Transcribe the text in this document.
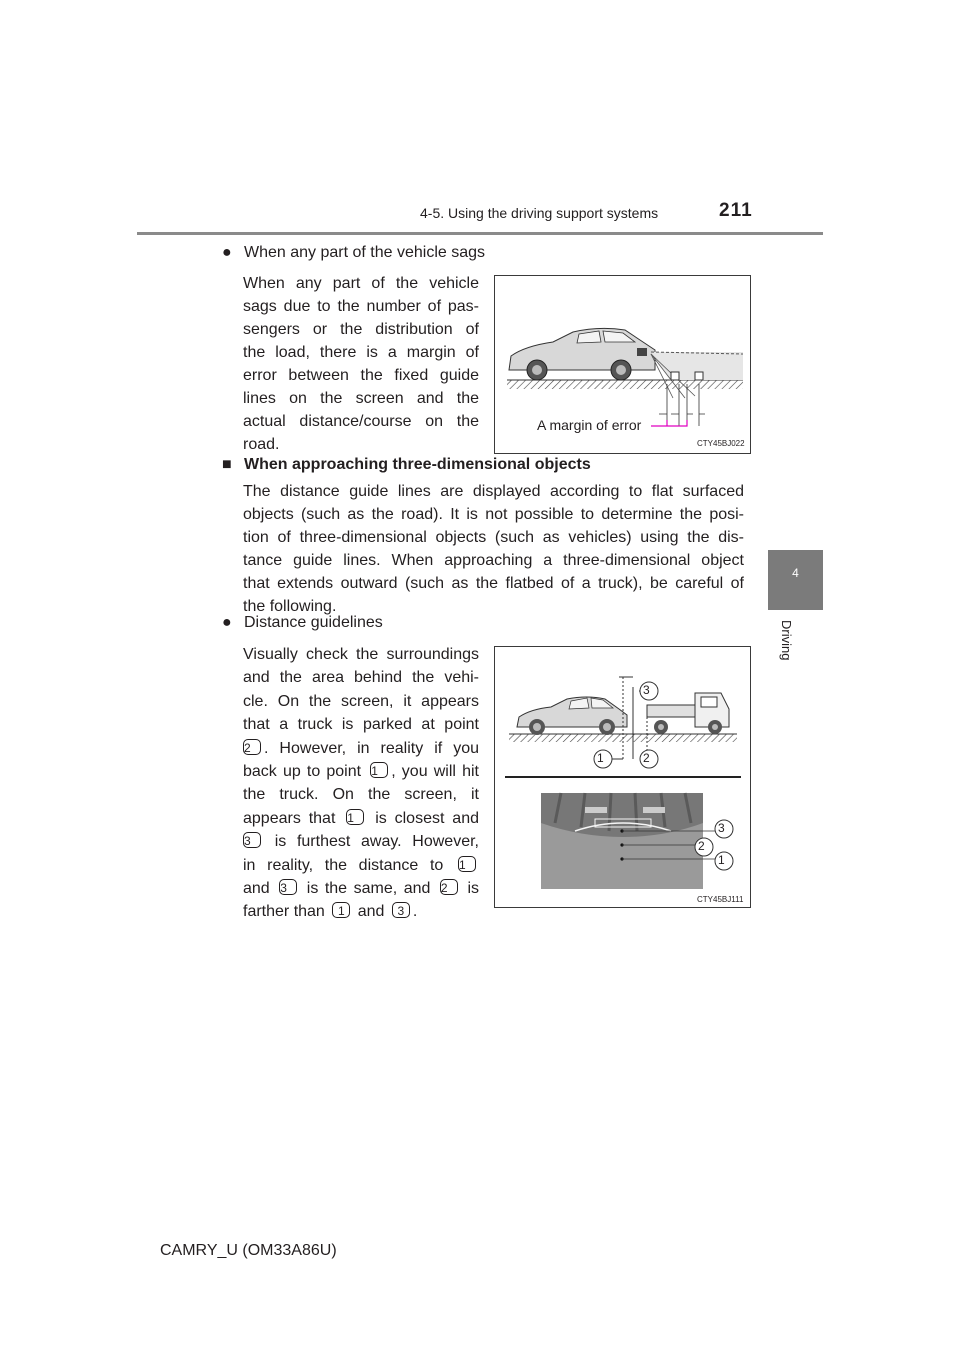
4-5. Using the driving support systems	211
4
Driving
● When any part of the vehicle sags
When any part of the vehicle
sags due to the number of pas-
sengers or the distribution of
the load, there is a margin of
error between the fixed guide
lines on the screen and the
actual distance/course on the
road.
A margin of error
CTY45BJ022
■ When approaching three-dimensional objects
The distance guide lines are displayed according to flat surfaced
objects (such as the road). It is not possible to determine the posi-
tion of three-dimensional objects (such as vehicles) using the dis-
tance guide lines. When approaching a three-dimensional object
that extends outward (such as the flatbed of a truck), be careful of
the following.
● Distance guidelines
Visually check the surroundings
and the area behind the vehi-
cle. On the screen, it appears
that a truck is parked at point
2 . However, in reality if you
back up to point 1 , you will hit
the truck. On the screen, it
appears that 1 is closest and
3 is furthest away. However,
in reality, the distance to 1
and 3 is the same, and 2 is
farther than 1 and 3 .
3
1	2
3
2
1
CTY45BJ111
CAMRY_U (OM33A86U)
